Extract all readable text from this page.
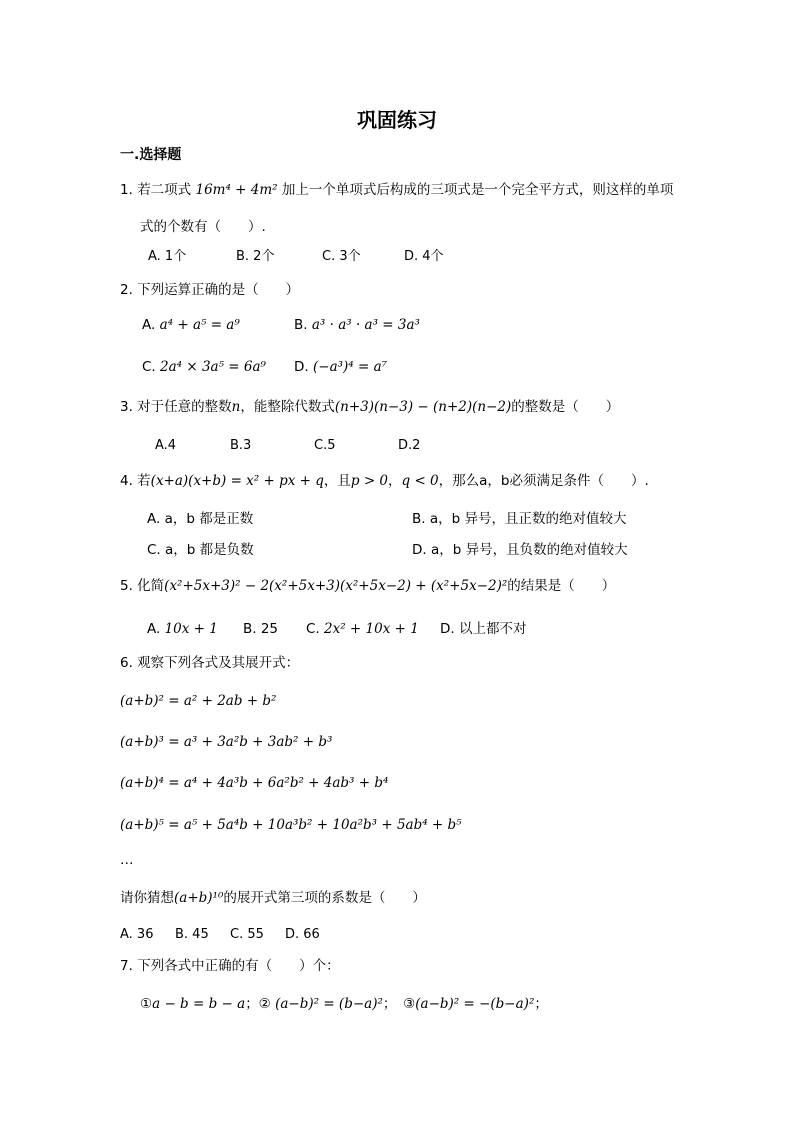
巩固练习
一.选择题
1. 若二项式 16m⁴ + 4m² 加上一个单项式后构成的三项式是一个完全平方式，则这样的单项
式的个数有（　　）.
A. 1个	B. 2个	C. 3个	D. 4个
2. 下列运算正确的是（　　）
A. a⁴ + a⁵ = a⁹	B. a³ · a³ · a³ = 3a³
C. 2a⁴ × 3a⁵ = 6a⁹ D. (−a³)⁴ = a⁷
3. 对于任意的整数n，能整除代数式(n+3)(n−3) − (n+2)(n−2)的整数是（　　）
A.4	B.3	C.5	D.2
4. 若(x+a)(x+b) = x² + px + q，且p > 0，q < 0，那么a，b必须满足条件（　　）.
A. a，b 都是正数	B. a，b 异号，且正数的绝对值较大
C. a，b 都是负数	D. a，b 异号，且负数的绝对值较大
5. 化简(x²+5x+3)² − 2(x²+5x+3)(x²+5x−2) + (x²+5x−2)²的结果是（　　）
A. 10x + 1 B. 25 C. 2x² + 10x + 1 D. 以上都不对
6. 观察下列各式及其展开式：
(a+b)² = a² + 2ab + b²
(a+b)³ = a³ + 3a²b + 3ab² + b³
(a+b)⁴ = a⁴ + 4a³b + 6a²b² + 4ab³ + b⁴
(a+b)⁵ = a⁵ + 5a⁴b + 10a³b² + 10a²b³ + 5ab⁴ + b⁵
…
请你猜想(a+b)¹⁰的展开式第三项的系数是（　　）
A. 36 B. 45 C. 55 D. 66
7. 下列各式中正确的有（　　）个：
①a − b = b − a；② (a−b)² = (b−a)²；　③(a−b)² = −(b−a)²；
